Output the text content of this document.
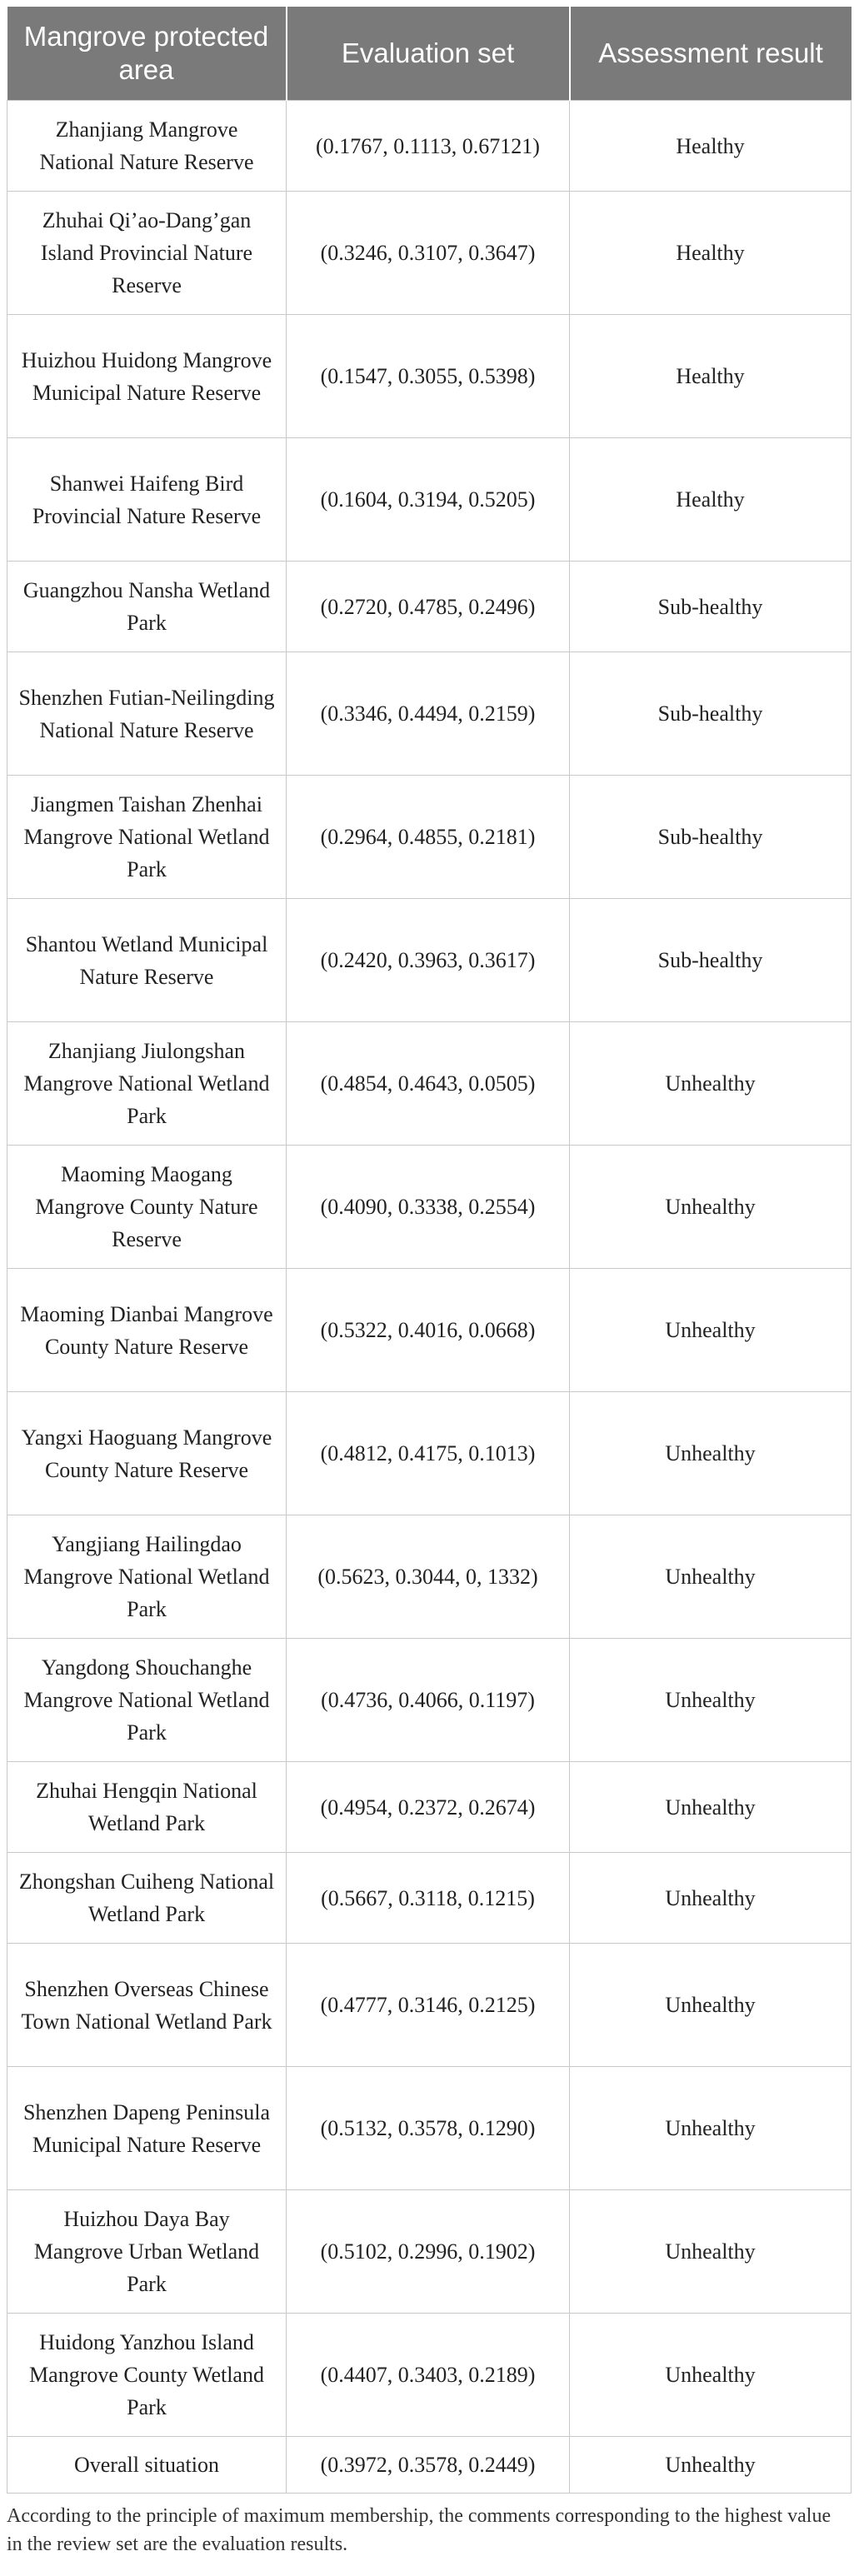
Mangrove protected area	Evaluation set	Assessment result
Zhanjiang Mangrove National Nature Reserve	(0.1767, 0.1113, 0.67121)	Healthy
Zhuhai Qi’ao-Dang’gan Island Provincial Nature Reserve	(0.3246, 0.3107, 0.3647)	Healthy
Huizhou Huidong Mangrove Municipal Nature Reserve	(0.1547, 0.3055, 0.5398)	Healthy
Shanwei Haifeng Bird Provincial Nature Reserve	(0.1604, 0.3194, 0.5205)	Healthy
Guangzhou Nansha Wetland Park	(0.2720, 0.4785, 0.2496)	Sub-healthy
Shenzhen Futian-Neilingding National Nature Reserve	(0.3346, 0.4494, 0.2159)	Sub-healthy
Jiangmen Taishan Zhenhai Mangrove National Wetland Park	(0.2964, 0.4855, 0.2181)	Sub-healthy
Shantou Wetland Municipal Nature Reserve	(0.2420, 0.3963, 0.3617)	Sub-healthy
Zhanjiang Jiulongshan Mangrove National Wetland Park	(0.4854, 0.4643, 0.0505)	Unhealthy
Maoming Maogang Mangrove County Nature Reserve	(0.4090, 0.3338, 0.2554)	Unhealthy
Maoming Dianbai Mangrove County Nature Reserve	(0.5322, 0.4016, 0.0668)	Unhealthy
Yangxi Haoguang Mangrove County Nature Reserve	(0.4812, 0.4175, 0.1013)	Unhealthy
Yangjiang Hailingdao Mangrove National Wetland Park	(0.5623, 0.3044, 0, 1332)	Unhealthy
Yangdong Shouchanghe Mangrove National Wetland Park	(0.4736, 0.4066, 0.1197)	Unhealthy
Zhuhai Hengqin National Wetland Park	(0.4954, 0.2372, 0.2674)	Unhealthy
Zhongshan Cuiheng National Wetland Park	(0.5667, 0.3118, 0.1215)	Unhealthy
Shenzhen Overseas Chinese Town National Wetland Park	(0.4777, 0.3146, 0.2125)	Unhealthy
Shenzhen Dapeng Peninsula Municipal Nature Reserve	(0.5132, 0.3578, 0.1290)	Unhealthy
Huizhou Daya Bay Mangrove Urban Wetland Park	(0.5102, 0.2996, 0.1902)	Unhealthy
Huidong Yanzhou Island Mangrove County Wetland Park	(0.4407, 0.3403, 0.2189)	Unhealthy
Overall situation	(0.3972, 0.3578, 0.2449)	Unhealthy

According to the principle of maximum membership, the comments corresponding to the highest value in the review set are the evaluation results.
